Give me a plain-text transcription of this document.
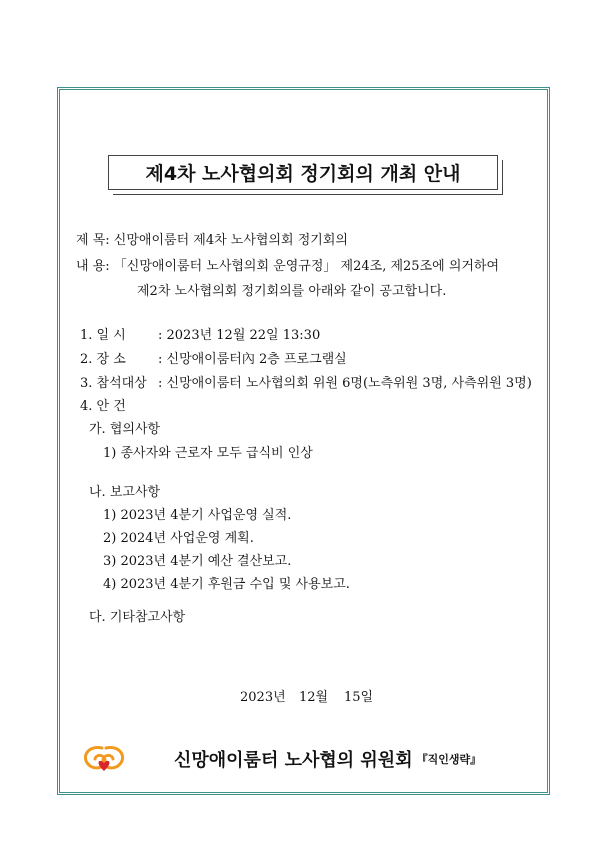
제4차 노사협의회 정기회의 개최 안내
제 목: 신망애이룸터 제4차 노사협의회 정기회의
내 용: 「신망애이룸터 노사협의회 운영규정」 제24조, 제25조에 의거하여
제2차 노사협의회 정기회의를 아래와 같이 공고합니다.
1. 일 시 : 2023년 12월 22일 13:30
2. 장 소 : 신망애이룸터內 2층 프로그램실
3. 참석대상 : 신망애이룸터 노사협의회 위원 6명(노측위원 3명, 사측위원 3명)
4. 안 건
가. 협의사항
1) 종사자와 근로자 모두 급식비 인상
나. 보고사항
1) 2023년 4분기 사업운영 실적.
2) 2024년 사업운영 계획.
3) 2023년 4분기 예산 결산보고.
4) 2023년 4분기 후원금 수입 및 사용보고.
다. 기타참고사항
2023년 12월 15일
신망애이룸터 노사협의 위원회 『직인생략』
